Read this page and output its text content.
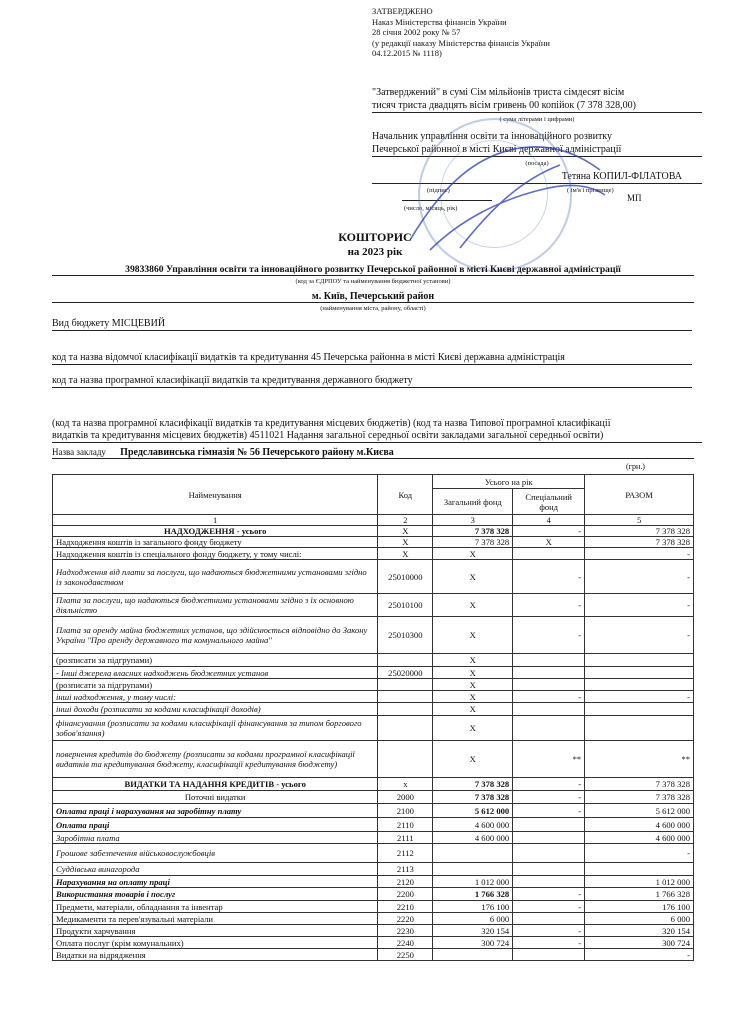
ЗАТВЕРДЖЕНО
Наказ Міністерства фінансів України
28 січня 2002 року № 57
(у редакції наказу Міністерства фінансів України
04.12.2015 № 1118)
"Затверджений" в сумі Сім мільйонів триста сімдесят вісім
тисяч триста двадцять вісім гривень 00 копійок (7 378 328,00)
( сума літерами і цифрами)
Начальник управління освіти та інноваційного розвитку
Печерської районної в місті Києві державної адміністрації
(посада)
Тетяна КОПИЛ-ФІЛАТОВА
(підпис)	( ім'я і прізвище)
(число, місяць, рік)
МП
КОШТОРИС
на 2023 рік
39833860 Управління освіти та інноваційного розвитку Печерської районної в місті Києві державної адміністрації
(код за ЄДРПОУ та найменування бюджетної установи)
м. Київ, Печерський район
(найменування міста, району, області)
Вид бюджету МІСЦЕВИЙ
код та назва відомчої класифікації видатків та кредитування 45 Печерська районна в місті Києві державна адміністрація
код та назва програмної класифікації видатків та кредитування державного бюджету
(код та назва програмної класифікації видатків та кредитування місцевих бюджетів) (код та назва Типової програмної класифікації
видатків та кредитування місцевих бюджетів) 4511021 Надання загальної середньої освіти закладами загальної середньої освіти)
Назва закладу Предславинська гімназія № 56 Печерського району м.Києва
(грн.)
Найменування	Код	Усього на рік		РАЗОМ
		Загальний фонд	Спеціальний фонд	
1	2	3	4	5
НАДХОДЖЕННЯ - усього	X	7 378 328	-	7 378 328
Надходження коштів із загального фонду бюджету	X	7 378 328	X	7 378 328
Надходження коштів із спеціального фонду бюджету, у тому числі:	X	X		-
Надходження від плати за послуги, що надаються бюджетними установами згідно із законодавством	25010000	X	-	-
Плата за послуги, що надаються бюджетними установами згідно з їх основною діяльністю	25010100	X	-	-
Плата за оренду майна бюджетних установ, що здійснюється відповідно до Закону України "Про аренду державного та комунального майна"	25010300	X	-	-
(розписати за підгрупами)		X		
- Інші джерела власних надходжень бюджетних установ	25020000	X		
(розписати за підгрупами)		X		
інші надходження, у тому числі:		X	-	-
інші доходи (розписати за кодами класифікації доходів)		X		
фінансування (розписати за кодами класифікації фінансування за типом боргового зобов'язання)		X		
повернення кредитів до бюджету (розписати за кодами програмної класифікації видатків та кредитування бюджету, класифікації кредитування бюджету)		X	**	**
ВИДАТКИ ТА НАДАННЯ КРЕДИТІВ - усього	x	7 378 328	-	7 378 328
Поточні видатки	2000	7 378 328	-	7 378 328
Оплата праці і нарахування на заробітну плату	2100	5 612 000	-	5 612 000
Оплата праці	2110	4 600 000		4 600 000
Заробітна плата	2111	4 600 000		4 600 000
Грошове забезпечення військовослужбовців	2112			-
Суддівська винагорода	2113			
Нарахування на оплату праці	2120	1 012 000		1 012 000
Використання товарів і послуг	2200	1 766 328	-	1 766 328
Предмети, матеріали, обладнання та інвентар	2210	176 100	-	176 100
Медикаменти та перев'язувальні матеріали	2220	6 000		6 000
Продукти харчування	2230	320 154	-	320 154
Оплата послуг (крім комунальних)	2240	300 724	-	300 724
Видатки на відрядження	2250			-
